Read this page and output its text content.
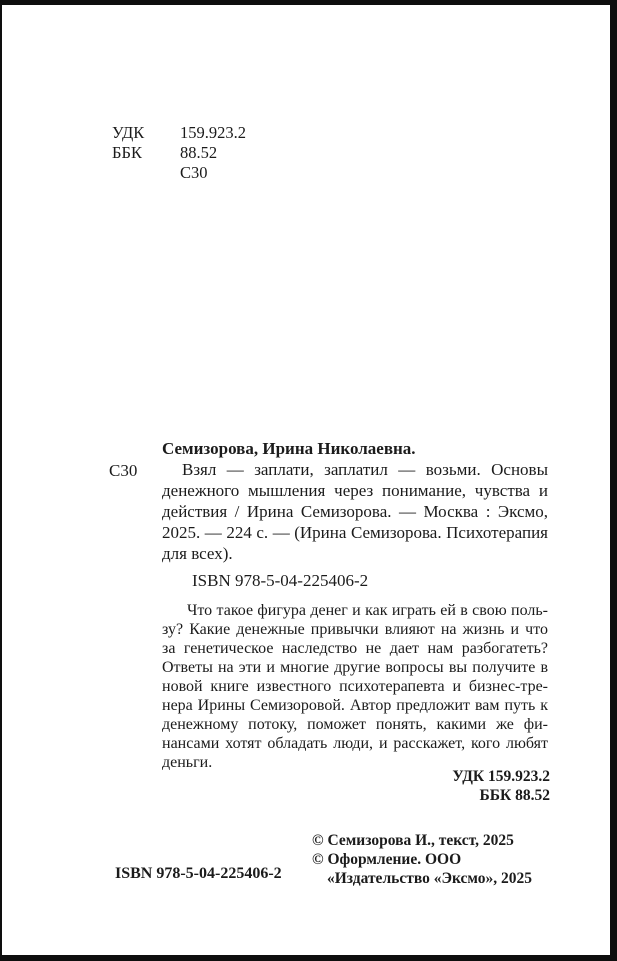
УДК 159.923.2
ББК 88.52
С30
С30
Семизорова, Ирина Николаевна.

Взял — заплати, заплатил — возьми. Основы денежного мышления через понимание, чувства и действия / Ирина Семизорова. — Москва : Эксмо, 2025. — 224 с. — (Ирина Семизорова. Психотерапия для всех).

ISBN 978-5-04-225406-2

Что такое фигура денег и как играть ей в свою пользу? Какие денежные привычки влияют на жизнь и что за генетическое наследство не дает нам разбогатеть? Ответы на эти и многие другие вопросы вы получите в новой книге известного психотерапевта и бизнес-тренера Ирины Семизоровой. Автор предложит вам путь к денежному потоку, поможет понять, какими же финансами хотят обладать люди, и расскажет, кого любят деньги.

УДК 159.923.2
ББК 88.52
© Семизорова И., текст, 2025
© Оформление. ООО «Издательство «Эксмо», 2025
ISBN 978-5-04-225406-2
